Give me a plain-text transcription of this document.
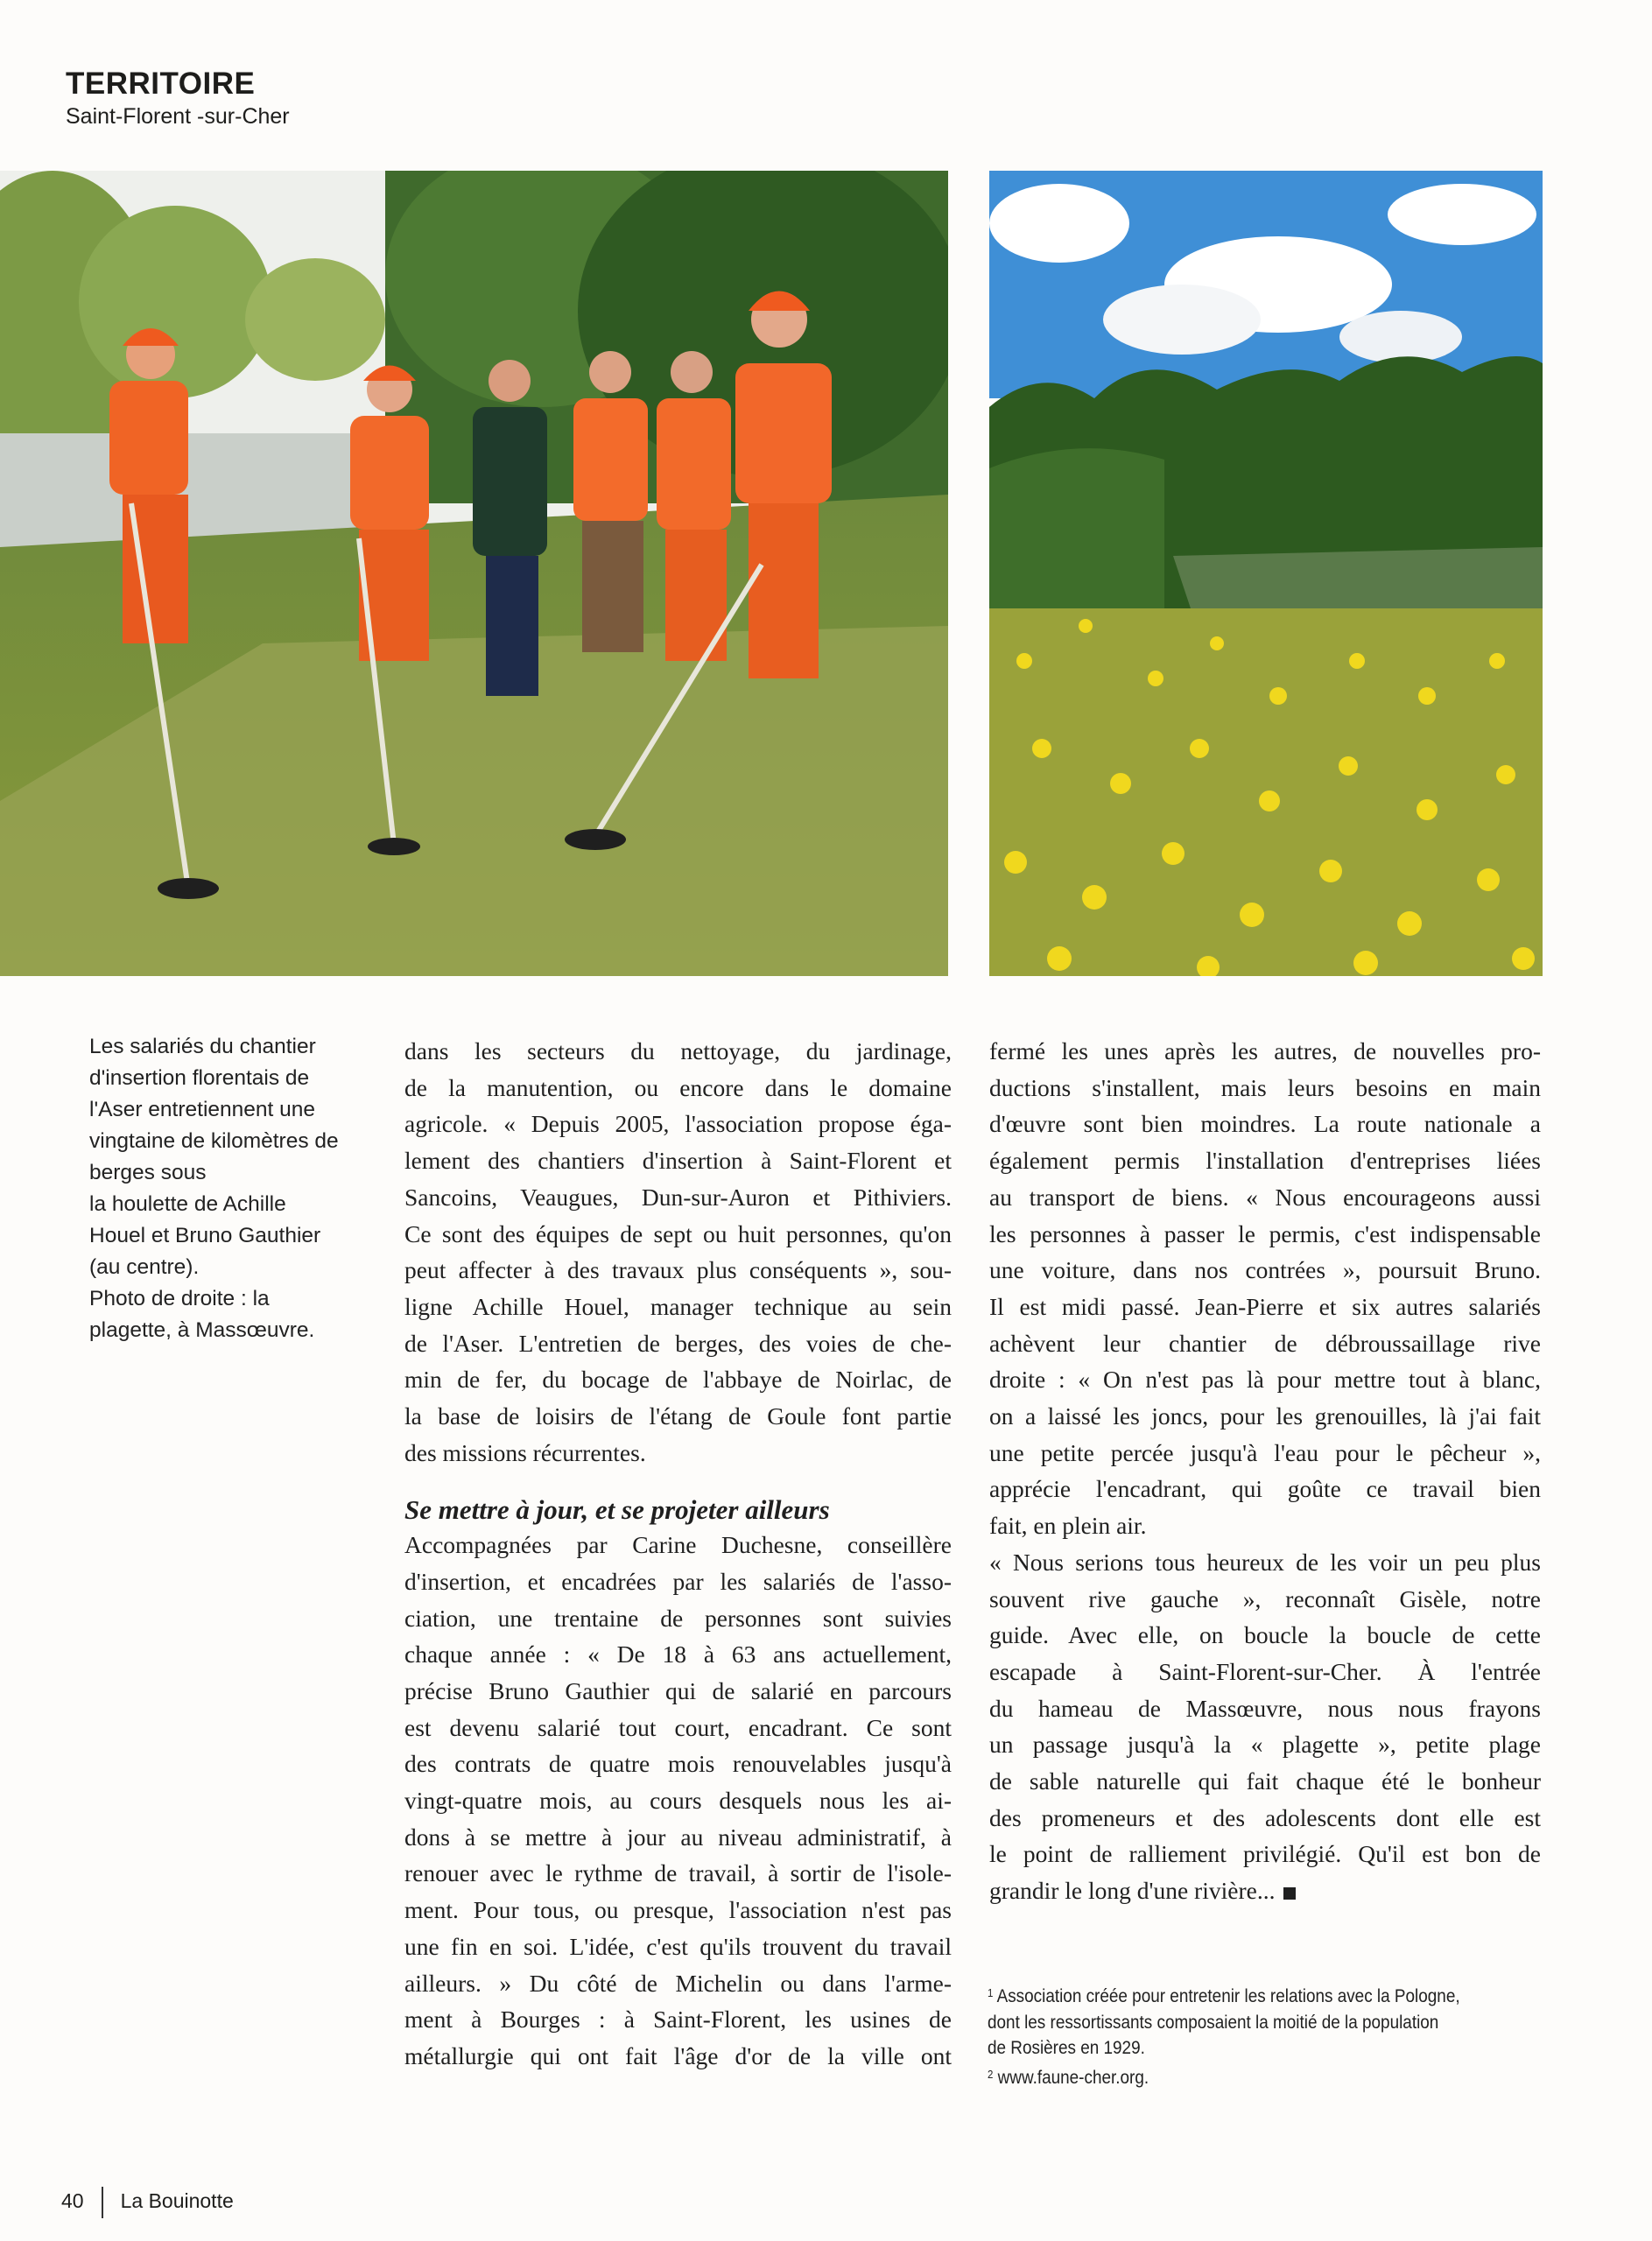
TERRITOIRE
Saint-Florent -sur-Cher
Les salariés du chantier
d'insertion florentais de
l'Aser entretiennent une
vingtaine de kilomètres de
berges sous
la houlette de Achille
Houel et Bruno Gauthier
(au centre).
Photo de droite : la
plagette, à Massœuvre.
dans les secteurs du nettoyage, du jardinage,
de la manutention, ou encore dans le domaine
agricole. « Depuis 2005, l'association propose éga-
lement des chantiers d'insertion à Saint-Florent et
Sancoins, Veaugues, Dun-sur-Auron et Pithiviers.
Ce sont des équipes de sept ou huit personnes, qu'on
peut affecter à des travaux plus conséquents », sou-
ligne Achille Houel, manager technique au sein
de l'Aser. L'entretien de berges, des voies de che-
min de fer, du bocage de l'abbaye de Noirlac, de
la base de loisirs de l'étang de Goule font partie
des missions récurrentes.
Se mettre à jour, et se projeter ailleurs
Accompagnées par Carine Duchesne, conseillère
d'insertion, et encadrées par les salariés de l'asso-
ciation, une trentaine de personnes sont suivies
chaque année : « De 18 à 63 ans actuellement,
précise Bruno Gauthier qui de salarié en parcours
est devenu salarié tout court, encadrant. Ce sont
des contrats de quatre mois renouvelables jusqu'à
vingt-quatre mois, au cours desquels nous les ai-
dons à se mettre à jour au niveau administratif, à
renouer avec le rythme de travail, à sortir de l'isole-
ment. Pour tous, ou presque, l'association n'est pas
une fin en soi. L'idée, c'est qu'ils trouvent du travail
ailleurs. » Du côté de Michelin ou dans l'arme-
ment à Bourges : à Saint-Florent, les usines de
métallurgie qui ont fait l'âge d'or de la ville ont
fermé les unes après les autres, de nouvelles pro-
ductions s'installent, mais leurs besoins en main
d'œuvre sont bien moindres. La route nationale a
également permis l'installation d'entreprises liées
au transport de biens. « Nous encourageons aussi
les personnes à passer le permis, c'est indispensable
une voiture, dans nos contrées », poursuit Bruno.
Il est midi passé. Jean-Pierre et six autres salariés
achèvent leur chantier de débroussaillage rive
droite : « On n'est pas là pour mettre tout à blanc,
on a laissé les joncs, pour les grenouilles, là j'ai fait
une petite percée jusqu'à l'eau pour le pêcheur »,
apprécie l'encadrant, qui goûte ce travail bien
fait, en plein air.
« Nous serions tous heureux de les voir un peu plus
souvent rive gauche », reconnaît Gisèle, notre
guide. Avec elle, on boucle la boucle de cette
escapade à Saint-Florent-sur-Cher. À l'entrée
du hameau de Massœuvre, nous nous frayons
un passage jusqu'à la « plagette », petite plage
de sable naturelle qui fait chaque été le bonheur
des promeneurs et des adolescents dont elle est
le point de ralliement privilégié. Qu'il est bon de
grandir le long d'une rivière...
$^1$ Association créée pour entretenir les relations avec la Pologne,
dont les ressortissants composaient la moitié de la population
de Rosières en 1929.
$^2$ www.faune-cher.org.
40 La Bouinotte
